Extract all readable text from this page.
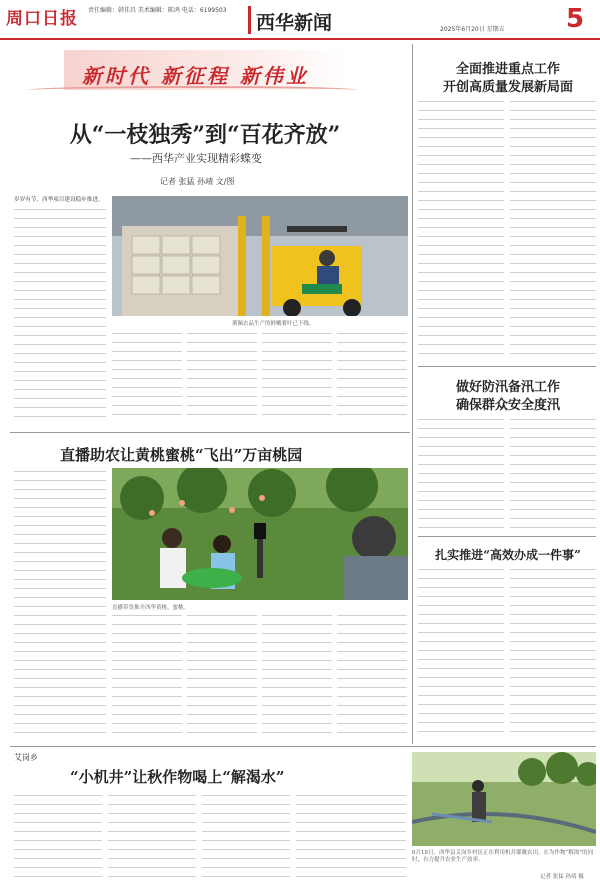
周口日报 责任编辑：韩佳昌 美术编辑：陈鸿 电话：6199503
西华新闻	2025年6月20日 星期五 5
新时代 新征程 新伟业
从“一枝独秀”到“百花齐放”
——西华产业实现精彩蝶变
记者 张猛 孙靖 文/图
岁岁有节，西华项目建设稳步推进。
薯佩农品生产的鲜嫩薯叶已下线。
直播助农让黄桃蜜桃“飞出”万亩桃园
直播带货推介西华黄桃、蜜桃。
全面推进重点工作
开创高质量发展新局面
做好防汛备汛工作
确保群众安全度汛
扎实推进“高效办成一件事”
艾岗乡
“小机井”让秋作物喝上“解渴水”
6月18日，西华县艾岗乡村民正在利用机井灌溉农田，在为作物“解渴”的同时，有力提升农业生产效率。
记者 张猛 孙靖 摄
